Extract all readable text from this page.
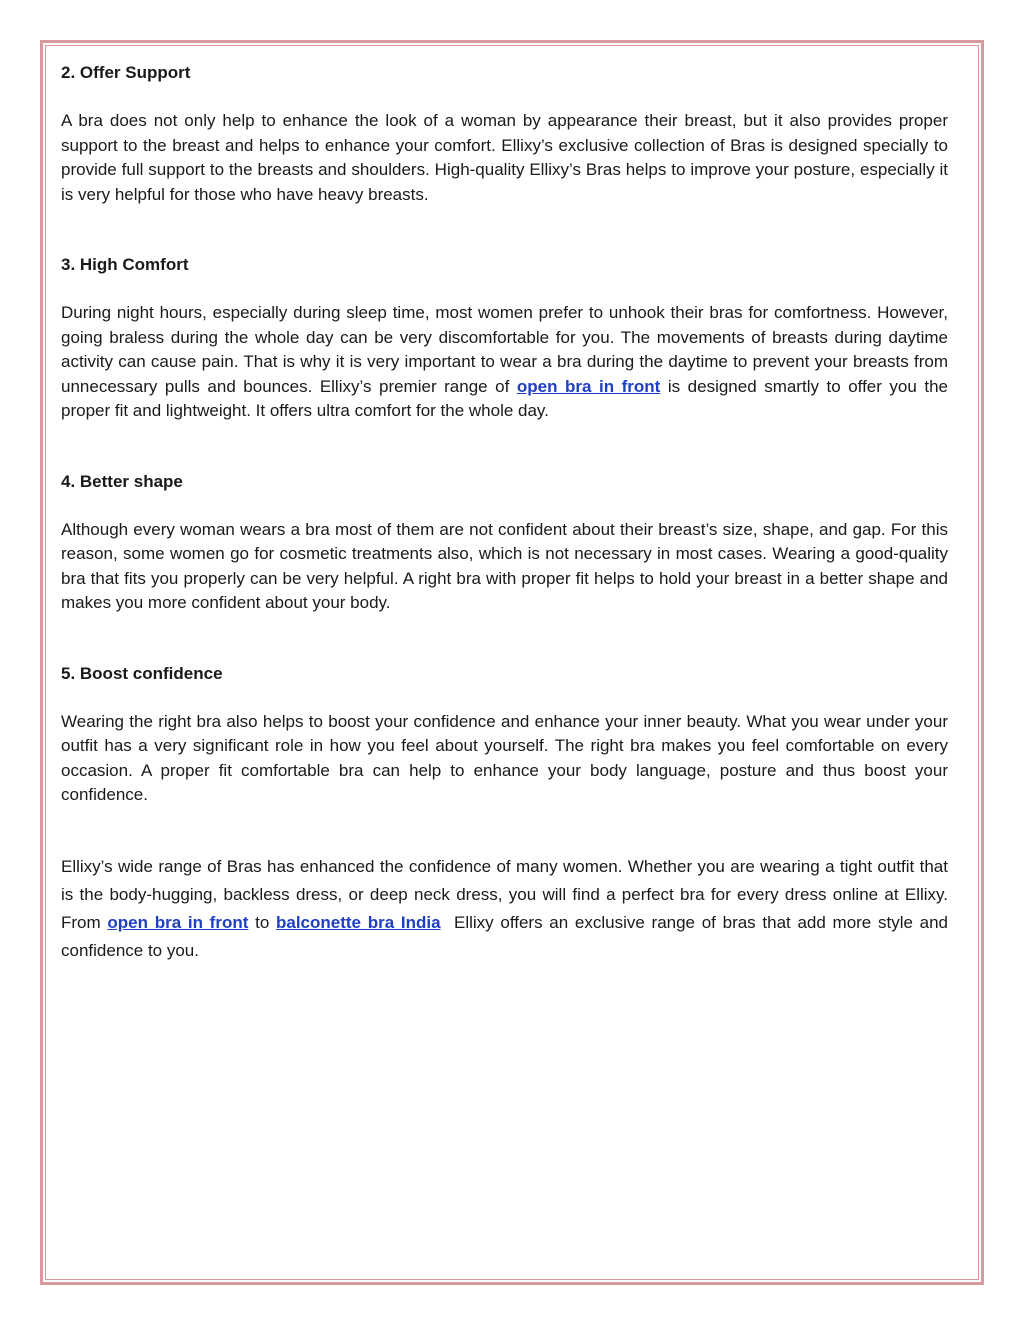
2. Offer Support

A bra does not only help to enhance the look of a woman by appearance their breast, but it also provides proper support to the breast and helps to enhance your comfort. Ellixy’s exclusive collection of Bras is designed specially to provide full support to the breasts and shoulders. High-quality Ellixy’s Bras helps to improve your posture, especially it is very helpful for those who have heavy breasts.

3. High Comfort

During night hours, especially during sleep time, most women prefer to unhook their bras for comfortness. However, going braless during the whole day can be very discomfortable for you. The movements of breasts during daytime activity can cause pain. That is why it is very important to wear a bra during the daytime to prevent your breasts from unnecessary pulls and bounces. Ellixy’s premier range of open bra in front is designed smartly to offer you the proper fit and lightweight. It offers ultra comfort for the whole day.

4. Better shape

Although every woman wears a bra most of them are not confident about their breast’s size, shape, and gap. For this reason, some women go for cosmetic treatments also, which is not necessary in most cases. Wearing a good-quality bra that fits you properly can be very helpful. A right bra with proper fit helps to hold your breast in a better shape and makes you more confident about your body.

5. Boost confidence

Wearing the right bra also helps to boost your confidence and enhance your inner beauty. What you wear under your outfit has a very significant role in how you feel about yourself. The right bra makes you feel comfortable on every occasion. A proper fit comfortable bra can help to enhance your body language, posture and thus boost your confidence.

Ellixy’s wide range of Bras has enhanced the confidence of many women. Whether you are wearing a tight outfit that is the body-hugging, backless dress, or deep neck dress, you will find a perfect bra for every dress online at Ellixy. From open bra in front to balconette bra India  Ellixy offers an exclusive range of bras that add more style and confidence to you.
